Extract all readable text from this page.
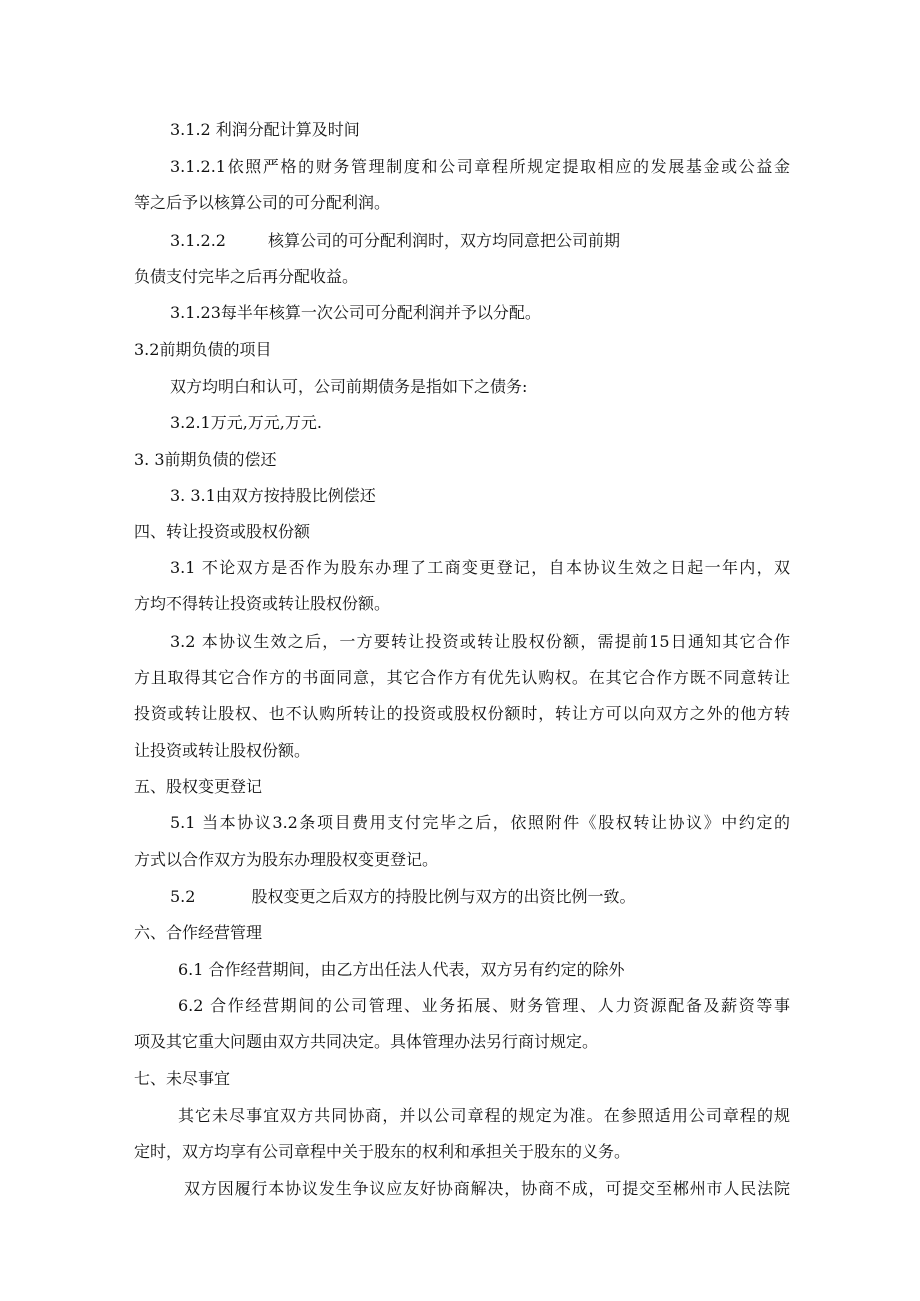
3.1.2 利润分配计算及时间
3.1.2.1依照严格的财务管理制度和公司章程所规定提取相应的发展基金或公益金
等之后予以核算公司的可分配利润。
3.1.2.2	核算公司的可分配利润时，双方均同意把公司前期
负债支付完毕之后再分配收益。
3.1.23每半年核算一次公司可分配利润并予以分配。
3.2前期负债的项目
双方均明白和认可，公司前期债务是指如下之债务:
3.2.1万元,万元,万元.
3. 3前期负债的偿还
3. 3.1由双方按持股比例偿还
四、转让投资或股权份额
3.1 不论双方是否作为股东办理了工商变更登记，自本协议生效之日起一年内，双
方均不得转让投资或转让股权份额。
3.2 本协议生效之后，一方要转让投资或转让股权份额，需提前15日通知其它合作
方且取得其它合作方的书面同意，其它合作方有优先认购权。在其它合作方既不同意转让
投资或转让股权、也不认购所转让的投资或股权份额时，转让方可以向双方之外的他方转
让投资或转让股权份额。
五、股权变更登记
5.1 当本协议3.2条项目费用支付完毕之后，依照附件《股权转让协议》中约定的
方式以合作双方为股东办理股权变更登记。
5.2	股权变更之后双方的持股比例与双方的出资比例一致。
六、合作经营管理
6.1 合作经营期间，由乙方出任法人代表，双方另有约定的除外
6.2 合作经营期间的公司管理、业务拓展、财务管理、人力资源配备及薪资等事
项及其它重大问题由双方共同决定。具体管理办法另行商讨规定。
七、未尽事宜
其它未尽事宜双方共同协商，并以公司章程的规定为准。在参照适用公司章程的规
定时，双方均享有公司章程中关于股东的权利和承担关于股东的义务。
双方因履行本协议发生争议应友好协商解决，协商不成，可提交至郴州市人民法院
